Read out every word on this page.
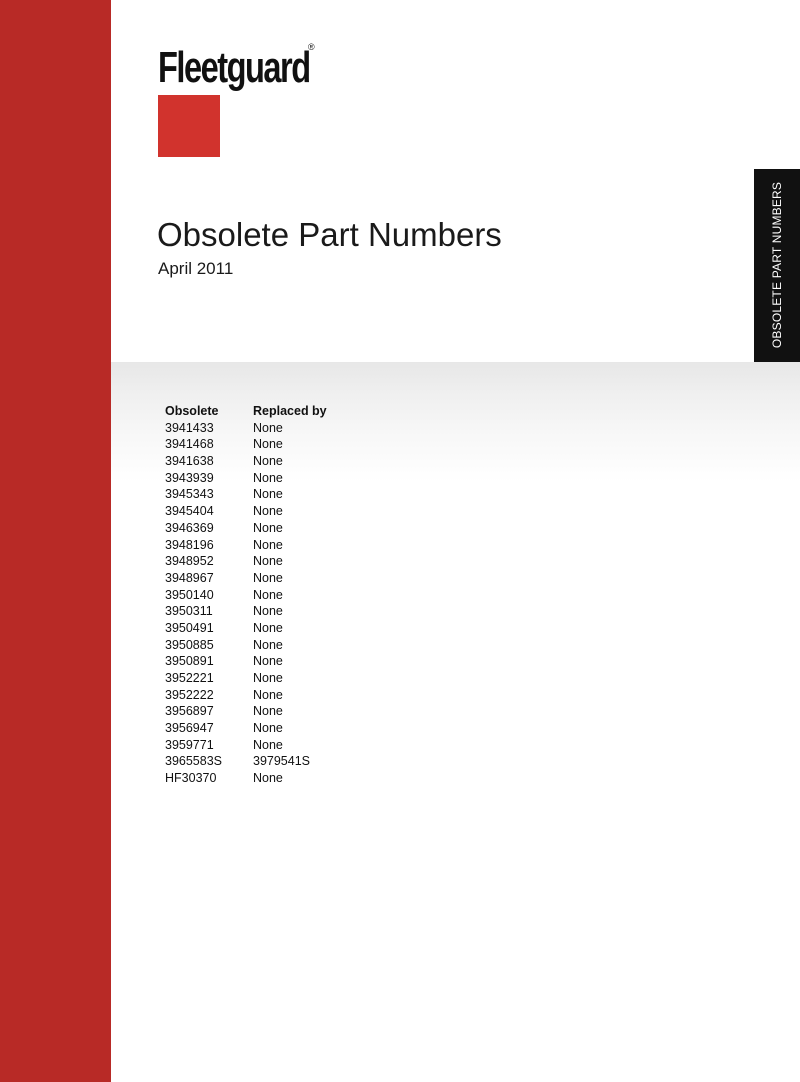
Fleetguard
®
Obsolete Part Numbers
April 2011	OBSOLETE PART NUMBERS
Obsolete	Replaced by
3941433	None
3941468	None
3941638	None
3943939	None
3945343	None
3945404	None
3946369	None
3948196	None
3948952	None
3948967	None
3950140	None
3950311	None
3950491	None
3950885	None
3950891	None
3952221	None
3952222	None
3956897	None
3956947	None
3959771	None
3965583S	3979541S
HF30370	None
